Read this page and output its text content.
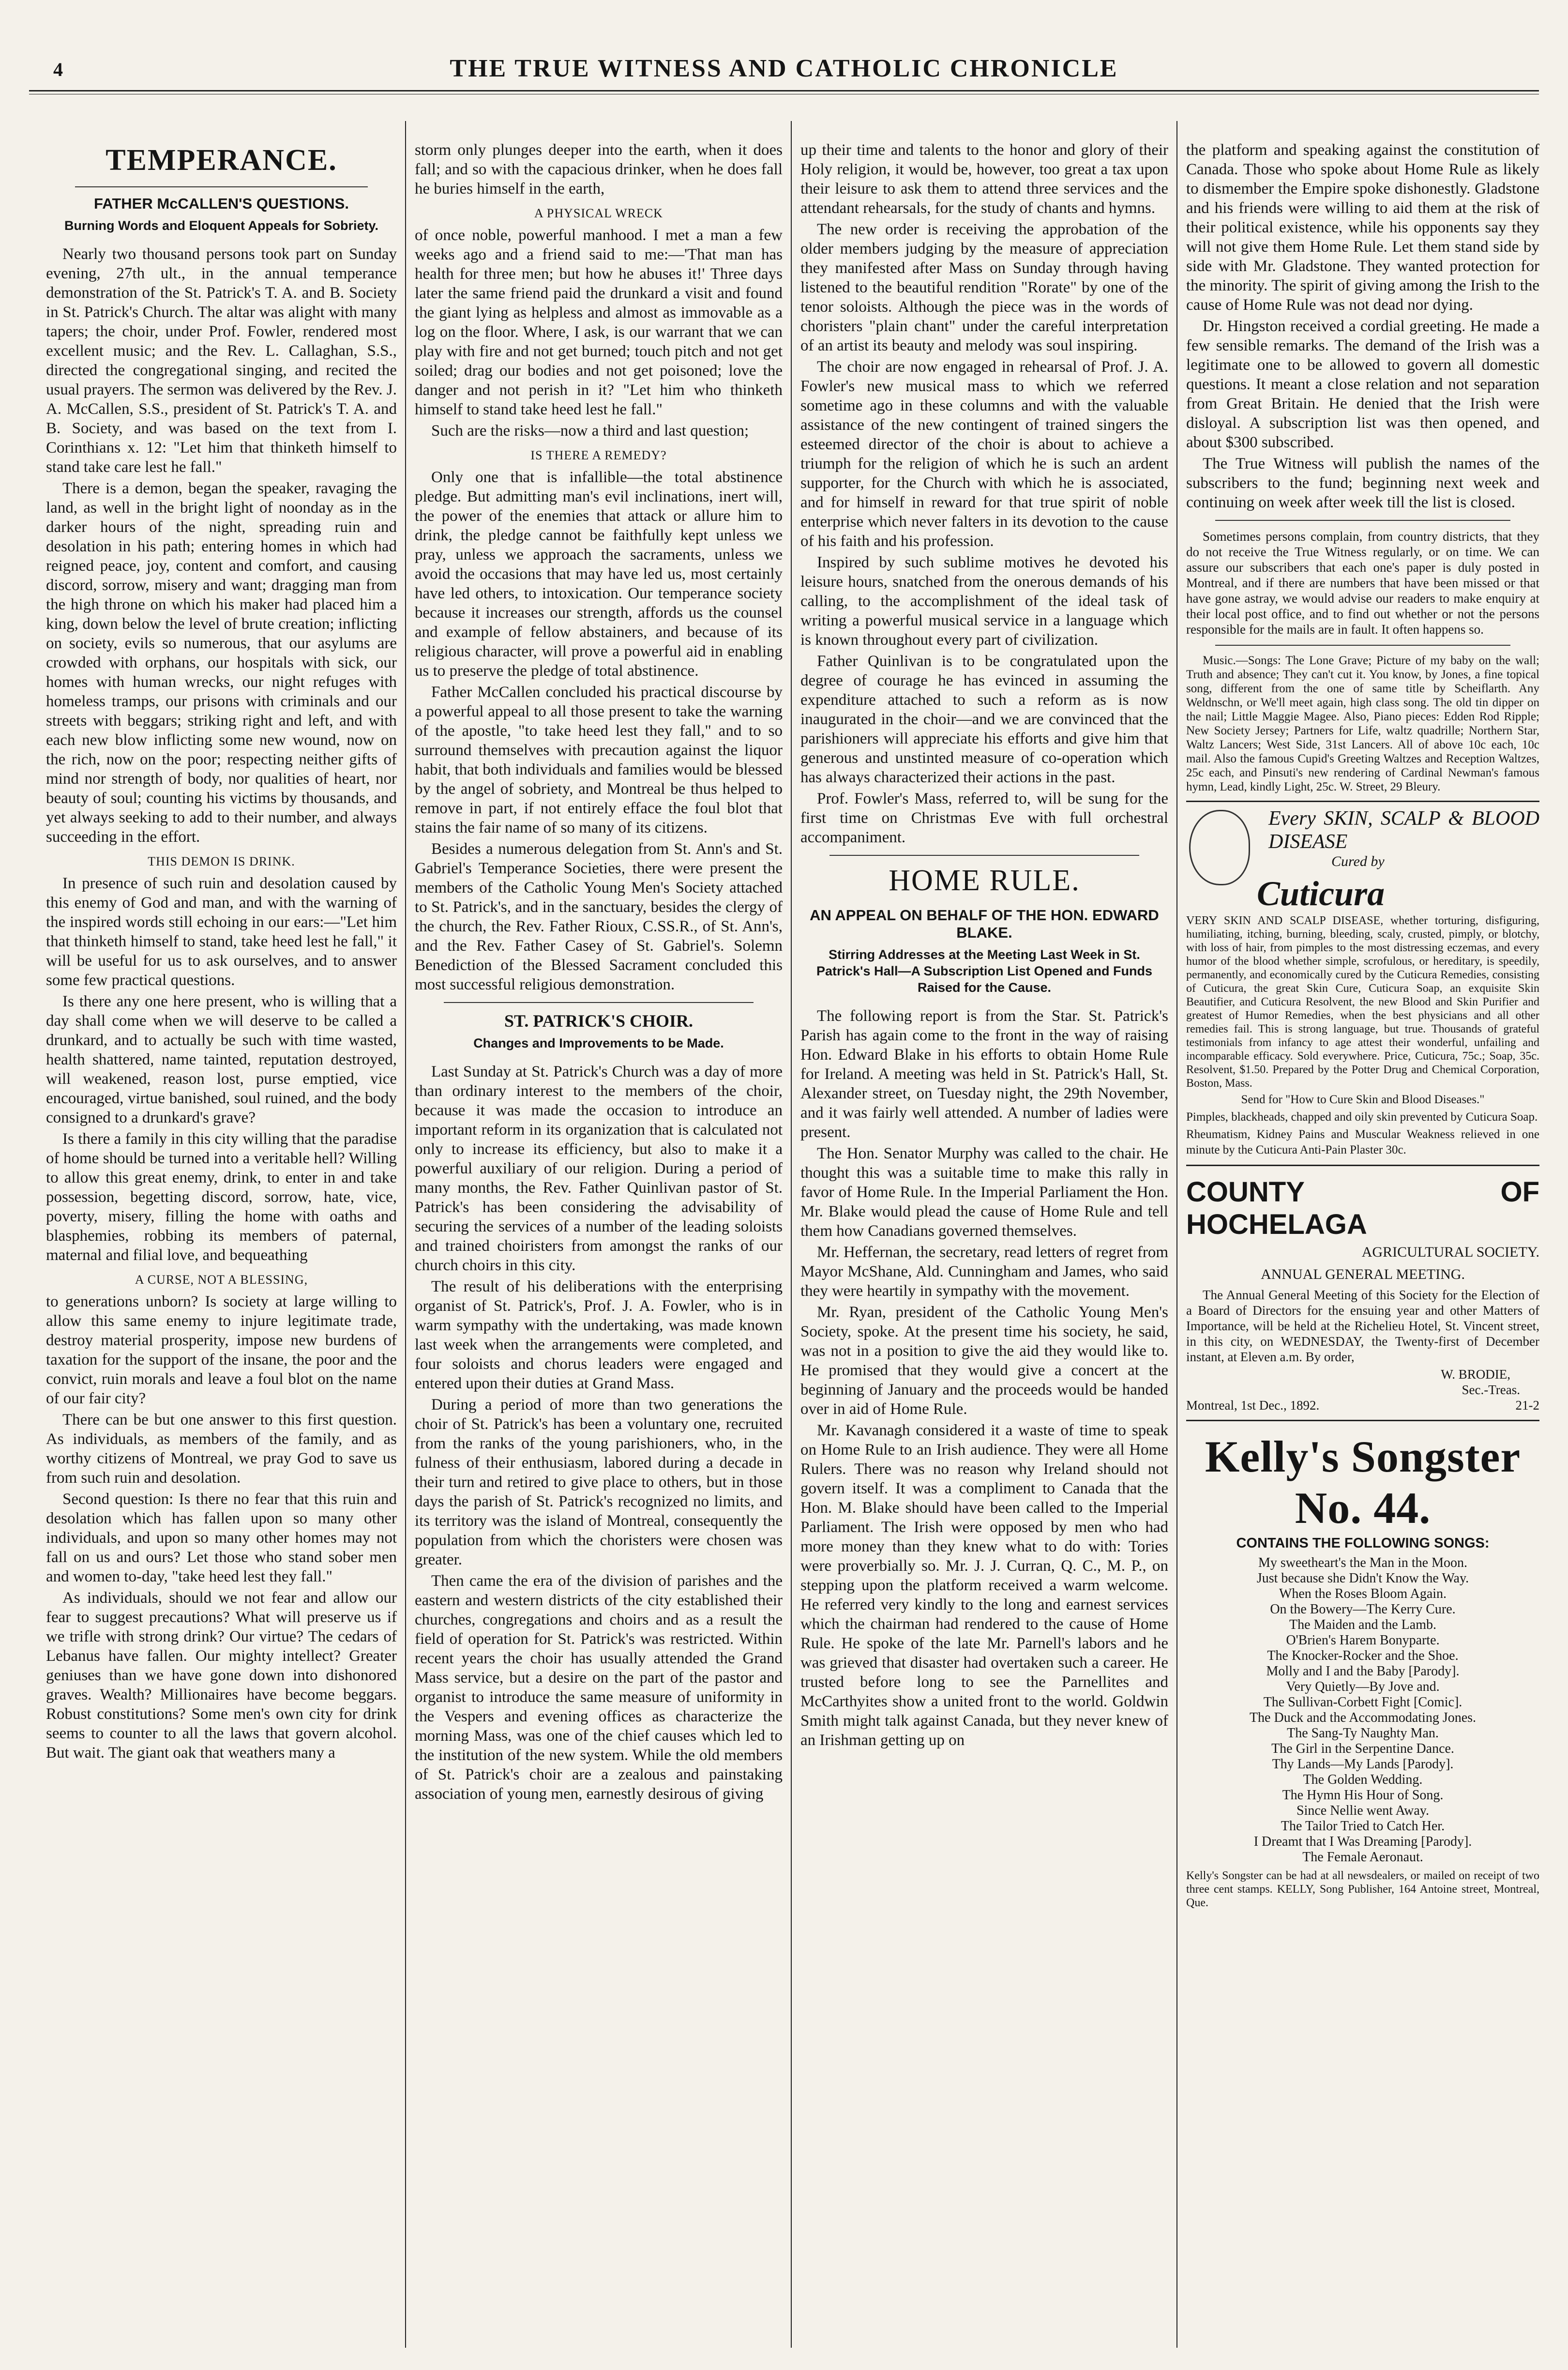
4	THE TRUE WITNESS AND CATHOLIC CHRONICLE
TEMPERANCE.
FATHER McCALLEN'S QUESTIONS.
Burning Words and Eloquent Appeals for Sobriety.

Nearly two thousand persons took part on Sunday evening, 27th ult., in the annual temperance demonstration of the St. Patrick's T. A. and B. Society in St. Patrick's Church. The altar was alight with many tapers; the choir, under Prof. Fowler, rendered most excellent music; and the Rev. L. Callaghan, S.S., directed the congregational singing, and recited the usual prayers. The sermon was delivered by the Rev. J. A. McCallen, S.S., president of St. Patrick's T. A. and B. Society, and was based on the text from I. Corinthians x. 12: "Let him that thinketh himself to stand take care lest he fall."

There is a demon, began the speaker, ravaging the land, as well in the bright light of noonday as in the darker hours of the night, spreading ruin and desolation in his path; entering homes in which had reigned peace, joy, content and comfort, and causing discord, sorrow, misery and want; dragging man from the high throne on which his maker had placed him a king, down below the level of brute creation; inflicting on society, evils so numerous, that our asylums are crowded with orphans, our hospitals with sick, our homes with human wrecks, our night refuges with homeless tramps, our prisons with criminals and our streets with beggars; striking right and left, and with each new blow inflicting some new wound, now on the rich, now on the poor; respecting neither gifts of mind nor strength of body, nor qualities of heart, nor beauty of soul; counting his victims by thousands, and yet always seeking to add to their number, and always succeeding in the effort.

THIS DEMON IS DRINK.

In presence of such ruin and desolation caused by this enemy of God and man, and with the warning of the inspired words still echoing in our ears:—"Let him that thinketh himself to stand, take heed lest he fall," it will be useful for us to ask ourselves, and to answer some few practical questions.

Is there any one here present, who is willing that a day shall come when we will deserve to be called a drunkard, and to actually be such with time wasted, health shattered, name tainted, reputation destroyed, will weakened, reason lost, purse emptied, vice encouraged, virtue banished, soul ruined, and the body consigned to a drunkard's grave?

Is there a family in this city willing that the paradise of home should be turned into a veritable hell? Willing to allow this great enemy, drink, to enter in and take possession, begetting discord, sorrow, hate, vice, poverty, misery, filling the home with oaths and blasphemies, robbing its members of paternal, maternal and filial love, and bequeathing

A CURSE, NOT A BLESSING,

to generations unborn? Is society at large willing to allow this same enemy to injure legitimate trade, destroy material prosperity, impose new burdens of taxation for the support of the insane, the poor and the convict, ruin morals and leave a foul blot on the name of our fair city?

There can be but one answer to this first question. As individuals, as members of the family, and as worthy citizens of Montreal, we pray God to save us from such ruin and desolation.

Second question: Is there no fear that this ruin and desolation which has fallen upon so many other individuals, and upon so many other homes may not fall on us and ours? Let those who stand sober men and women to-day, "take heed lest they fall."

As individuals, should we not fear and allow our fear to suggest precautions? What will preserve us if we trifle with strong drink? Our virtue? The cedars of Lebanus have fallen. Our mighty intellect? Greater geniuses than we have gone down into dishonored graves. Wealth? Millionaires have become beggars. Robust constitutions? Some men's own city for drink seems to counter to all the laws that govern alcohol. But wait. The giant oak that weathers many a

storm only plunges deeper into the earth, when it does fall; and so with the capacious drinker, when he does fall he buries himself in the earth,

A PHYSICAL WRECK

of once noble, powerful manhood. I met a man a few weeks ago and a friend said to me:—'That man has health for three men; but how he abuses it!' Three days later the same friend paid the drunkard a visit and found the giant lying as helpless and almost as immovable as a log on the floor. Where, I ask, is our warrant that we can play with fire and not get burned; touch pitch and not get soiled; drag our bodies and not get poisoned; love the danger and not perish in it? "Let him who thinketh himself to stand take heed lest he fall."

Such are the risks—now a third and last question;

IS THERE A REMEDY?

Only one that is infallible—the total abstinence pledge. But admitting man's evil inclinations, inert will, the power of the enemies that attack or allure him to drink, the pledge cannot be faithfully kept unless we pray, unless we approach the sacraments, unless we avoid the occasions that may have led us, most certainly have led others, to intoxication. Our temperance society because it increases our strength, affords us the counsel and example of fellow abstainers, and because of its religious character, will prove a powerful aid in enabling us to preserve the pledge of total abstinence.

Father McCallen concluded his practical discourse by a powerful appeal to all those present to take the warning of the apostle, "to take heed lest they fall," and to so surround themselves with precaution against the liquor habit, that both individuals and families would be blessed by the angel of sobriety, and Montreal be thus helped to remove in part, if not entirely efface the foul blot that stains the fair name of so many of its citizens.

Besides a numerous delegation from St. Ann's and St. Gabriel's Temperance Societies, there were present the members of the Catholic Young Men's Society attached to St. Patrick's, and in the sanctuary, besides the clergy of the church, the Rev. Father Rioux, C.SS.R., of St. Ann's, and the Rev. Father Casey of St. Gabriel's. Solemn Benediction of the Blessed Sacrament concluded this most successful religious demonstration.

ST. PATRICK'S CHOIR.
Changes and Improvements to be Made.

Last Sunday at St. Patrick's Church was a day of more than ordinary interest to the members of the choir, because it was made the occasion to introduce an important reform in its organization that is calculated not only to increase its efficiency, but also to make it a powerful auxiliary of our religion. During a period of many months, the Rev. Father Quinlivan pastor of St. Patrick's has been considering the advisability of securing the services of a number of the leading soloists and trained choiristers from amongst the ranks of our church choirs in this city.

The result of his deliberations with the enterprising organist of St. Patrick's, Prof. J. A. Fowler, who is in warm sympathy with the undertaking, was made known last week when the arrangements were completed, and four soloists and chorus leaders were engaged and entered upon their duties at Grand Mass.

During a period of more than two generations the choir of St. Patrick's has been a voluntary one, recruited from the ranks of the young parishioners, who, in the fulness of their enthusiasm, labored during a decade in their turn and retired to give place to others, but in those days the parish of St. Patrick's recognized no limits, and its territory was the island of Montreal, consequently the population from which the choristers were chosen was greater.

Then came the era of the division of parishes and the eastern and western districts of the city established their churches, congregations and choirs and as a result the field of operation for St. Patrick's was restricted. Within recent years the choir has usually attended the Grand Mass service, but a desire on the part of the pastor and organist to introduce the same measure of uniformity in the Vespers and evening offices as characterize the morning Mass, was one of the chief causes which led to the institution of the new system. While the old members of St. Patrick's choir are a zealous and painstaking association of young men, earnestly desirous of giving

up their time and talents to the honor and glory of their Holy religion, it would be, however, too great a tax upon their leisure to ask them to attend three services and the attendant rehearsals, for the study of chants and hymns.

The new order is receiving the approbation of the older members judging by the measure of appreciation they manifested after Mass on Sunday through having listened to the beautiful rendition "Rorate" by one of the tenor soloists. Although the piece was in the words of choristers "plain chant" under the careful interpretation of an artist its beauty and melody was soul inspiring.

The choir are now engaged in rehearsal of Prof. J. A. Fowler's new musical mass to which we referred sometime ago in these columns and with the valuable assistance of the new contingent of trained singers the esteemed director of the choir is about to achieve a triumph for the religion of which he is such an ardent supporter, for the Church with which he is associated, and for himself in reward for that true spirit of noble enterprise which never falters in its devotion to the cause of his faith and his profession.

Inspired by such sublime motives he devoted his leisure hours, snatched from the onerous demands of his calling, to the accomplishment of the ideal task of writing a powerful musical service in a language which is known throughout every part of civilization.

Father Quinlivan is to be congratulated upon the degree of courage he has evinced in assuming the expenditure attached to such a reform as is now inaugurated in the choir—and we are convinced that the parishioners will appreciate his efforts and give him that generous and unstinted measure of co-operation which has always characterized their actions in the past.

Prof. Fowler's Mass, referred to, will be sung for the first time on Christmas Eve with full orchestral accompaniment.

HOME RULE.
AN APPEAL ON BEHALF OF THE HON. EDWARD BLAKE.
Stirring Addresses at the Meeting Last Week in St. Patrick's Hall—A Subscription List Opened and Funds Raised for the Cause.

The following report is from the Star. St. Patrick's Parish has again come to the front in the way of raising Hon. Edward Blake in his efforts to obtain Home Rule for Ireland. A meeting was held in St. Patrick's Hall, St. Alexander street, on Tuesday night, the 29th November, and it was fairly well attended. A number of ladies were present.

The Hon. Senator Murphy was called to the chair. He thought this was a suitable time to make this rally in favor of Home Rule. In the Imperial Parliament the Hon. Mr. Blake would plead the cause of Home Rule and tell them how Canadians governed themselves.

Mr. Heffernan, the secretary, read letters of regret from Mayor McShane, Ald. Cunningham and James, who said they were heartily in sympathy with the movement.

Mr. Ryan, president of the Catholic Young Men's Society, spoke. At the present time his society, he said, was not in a position to give the aid they would like to. He promised that they would give a concert at the beginning of January and the proceeds would be handed over in aid of Home Rule.

Mr. Kavanagh considered it a waste of time to speak on Home Rule to an Irish audience. They were all Home Rulers. There was no reason why Ireland should not govern itself. It was a compliment to Canada that the Hon. M. Blake should have been called to the Imperial Parliament. The Irish were opposed by men who had more money than they knew what to do with: Tories were proverbially so. Mr. J. J. Curran, Q. C., M. P., on stepping upon the platform received a warm welcome. He referred very kindly to the long and earnest services which the chairman had rendered to the cause of Home Rule. He spoke of the late Mr. Parnell's labors and he was grieved that disaster had overtaken such a career. He trusted before long to see the Parnellites and McCarthyites show a united front to the world. Goldwin Smith might talk against Canada, but they never knew of an Irishman getting up on

the platform and speaking against the constitution of Canada. Those who spoke about Home Rule as likely to dismember the Empire spoke dishonestly. Gladstone and his friends were willing to aid them at the risk of their political existence, while his opponents say they will not give them Home Rule. Let them stand side by side with Mr. Gladstone. They wanted protection for the minority. The spirit of giving among the Irish to the cause of Home Rule was not dead nor dying.

Dr. Hingston received a cordial greeting. He made a few sensible remarks. The demand of the Irish was a legitimate one to be allowed to govern all domestic questions. It meant a close relation and not separation from Great Britain. He denied that the Irish were disloyal. A subscription list was then opened, and about $300 subscribed.

The True Witness will publish the names of the subscribers to the fund; beginning next week and continuing on week after week till the list is closed.

Sometimes persons complain, from country districts, that they do not receive the True Witness regularly, or on time. We can assure our subscribers that each one's paper is duly posted in Montreal, and if there are numbers that have been missed or that have gone astray, we would advise our readers to make enquiry at their local post office, and to find out whether or not the persons responsible for the mails are in fault. It often happens so.

Music.—Songs: The Lone Grave; Picture of my baby on the wall; Truth and absence; They can't cut it. You know, by Jones, a fine topical song, different from the one of same title by Scheiflarth. Any Weldnschn, or We'll meet again, high class song. The old tin dipper on the nail; Little Maggie Magee. Also, Piano pieces: Edden Rod Ripple; New Society Jersey; Partners for Life, waltz quadrille; Northern Star, Waltz Lancers; West Side, 31st Lancers. All of above 10c each, 10c mail. Also the famous Cupid's Greeting Waltzes and Reception Waltzes, 25c each, and Pinsuti's new rendering of Cardinal Newman's famous hymn, Lead, kindly Light, 25c. W. Street, 29 Bleury.

Every SKIN, SCALP & BLOOD DISEASE
Cured by
Cuticura

VERY SKIN AND SCALP DISEASE, whether torturing, disfiguring, humiliating, itching, burning, bleeding, scaly, crusted, pimply, or blotchy, with loss of hair, from pimples to the most distressing eczemas, and every humor of the blood whether simple, scrofulous, or hereditary, is speedily, permanently, and economically cured by the Cuticura Remedies, consisting of Cuticura, the great Skin Cure, Cuticura Soap, an exquisite Skin Beautifier, and Cuticura Resolvent, the new Blood and Skin Purifier and greatest of Humor Remedies, when the best physicians and all other remedies fail. This is strong language, but true. Thousands of grateful testimonials from infancy to age attest their wonderful, unfailing and incomparable efficacy. Sold everywhere. Price, Cuticura, 75c.; Soap, 35c. Resolvent, $1.50. Prepared by the Potter Drug and Chemical Corporation, Boston, Mass.

Send for "How to Cure Skin and Blood Diseases."

Pimples, blackheads, chapped and oily skin prevented by Cuticura Soap.

Rheumatism, Kidney Pains and Muscular Weakness relieved in one minute by the Cuticura Anti-Pain Plaster 30c.

COUNTY OF HOCHELAGA
AGRICULTURAL SOCIETY.
ANNUAL GENERAL MEETING.

The Annual General Meeting of this Society for the Election of a Board of Directors for the ensuing year and other Matters of Importance, will be held at the Richelieu Hotel, St. Vincent street, in this city, on WEDNESDAY, the Twenty-first of December instant, at Eleven a.m. By order,

W. BRODIE,
Sec.-Treas.
Montreal, 1st Dec., 1892.	21-2
Kelly's Songster No. 44.
CONTAINS THE FOLLOWING SONGS:
My sweetheart's the Man in the Moon.
Just because she Didn't Know the Way.
When the Roses Bloom Again.
On the Bowery—The Kerry Cure.
The Maiden and the Lamb.
O'Brien's Harem Bonyparte.
The Knocker-Rocker and the Shoe.
Molly and I and the Baby [Parody].
Very Quietly—By Jove and.
The Sullivan-Corbett Fight [Comic].
The Duck and the Accommodating Jones.
The Sang-Ty Naughty Man.
The Girl in the Serpentine Dance.
Thy Lands—My Lands [Parody].
The Golden Wedding.
The Hymn His Hour of Song.
Since Nellie went Away.
The Tailor Tried to Catch Her.
I Dreamt that I Was Dreaming [Parody].
The Female Aeronaut.

Kelly's Songster can be had at all newsdealers, or mailed on receipt of two three cent stamps. KELLY, Song Publisher, 164 Antoine street, Montreal, Que.
